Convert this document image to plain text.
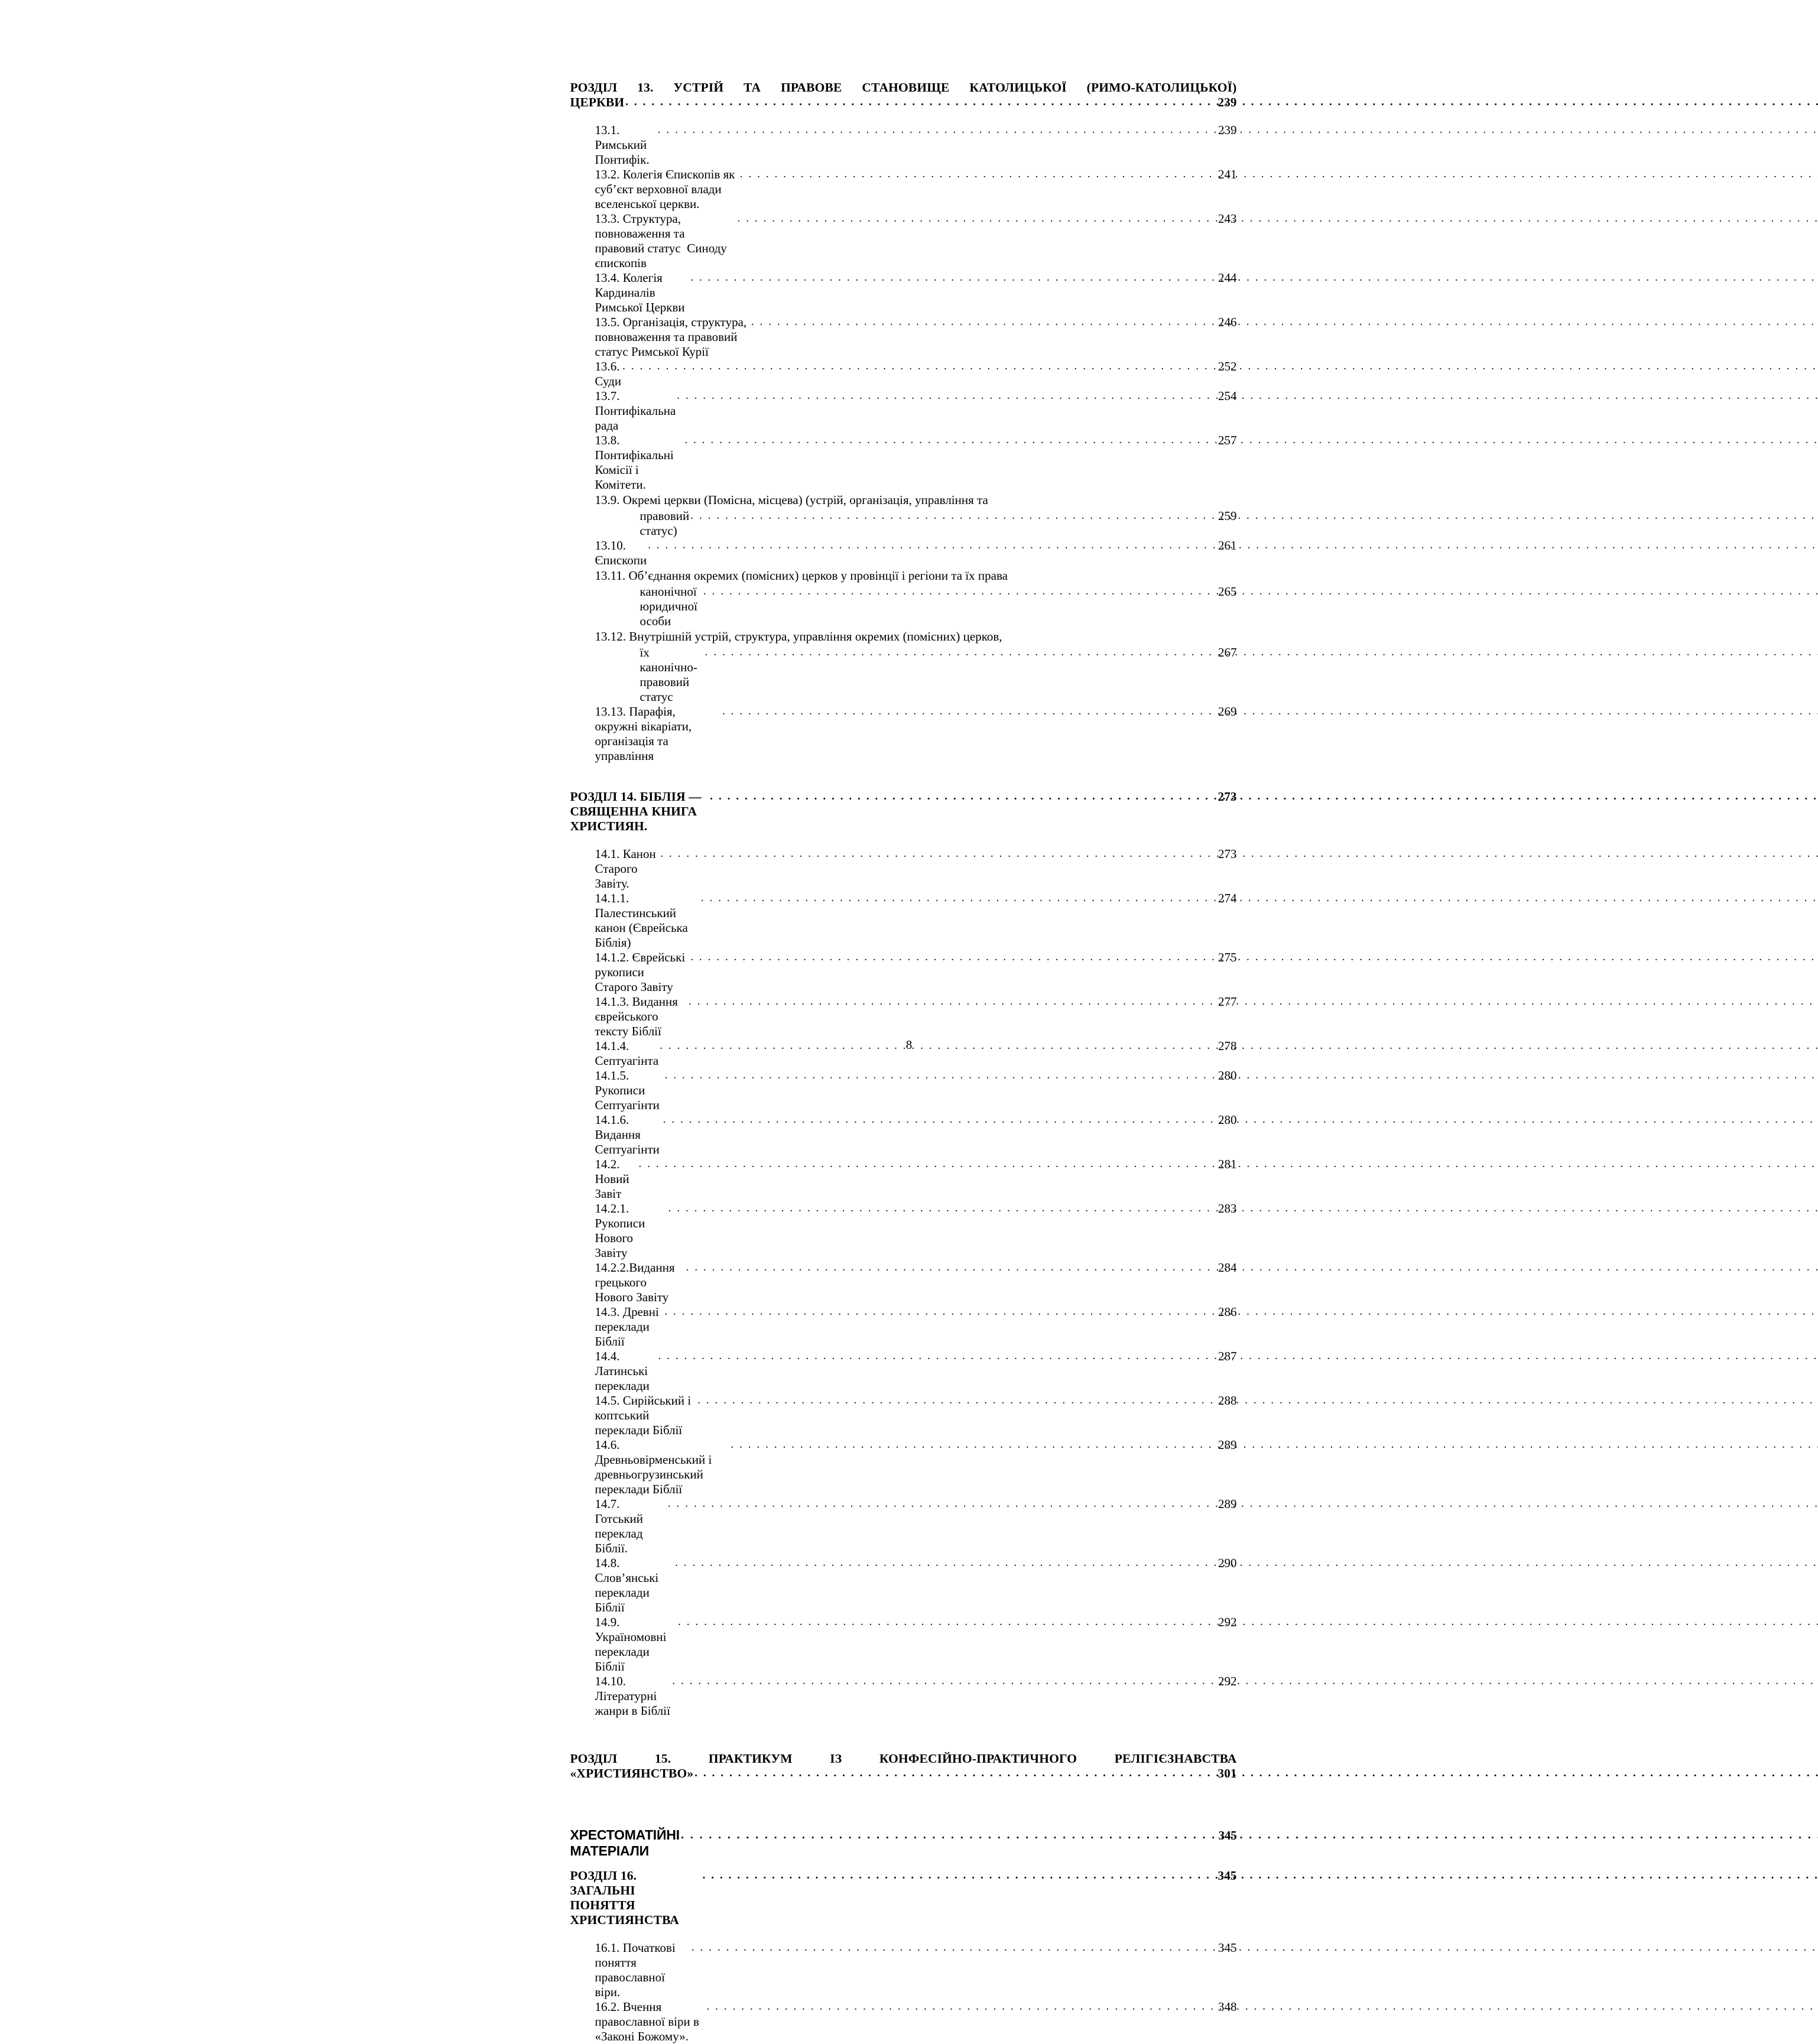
РОЗДІЛ 13. УСТРІЙ ТА ПРАВОВЕ СТАНОВИЩЕ КАТОЛИЦЬКОЇ (РИМО-КАТОЛИЦЬКОЇ)
ЦЕРКВИ . . .	239
13.1. Римський Понтифік.
. . .
239
13.2. Колегія Єпископів як суб’єкт верховної влади вселенської церкви.
. . .
241
13.3. Структура, повноваження та правовий статус  Синоду єпископів
. . .
243
13.4. Колегія Кардиналів Римської Церкви
. . .
244
13.5. Організація, структура, повноваження та правовий  статус Римської Курії
. . .
246
13.6. Суди
. . .
252
13.7. Понтифікальна рада
. . .
254
13.8. Понтифікальні Комісії і Комітети.
. . .
257
13.9. Окремі церкви (Помісна, місцева) (устрій, організація, управління та
правовий статус)
. . .
259
13.10. Єпископи
. . .
261
13.11. Об’єднання окремих (помісних) церков у провінції і регіони та їх права
канонічної юридичної особи
. . .
265
13.12. Внутрішній устрій, структура, управління окремих (помісних) церков,
їх канонічно-правовий статус
. . .
267
13.13. Парафія, окружні вікаріати, організація та управління
. . .
269
РОЗДІЛ 14. БІБЛІЯ — СВЯЩЕННА КНИГА ХРИСТИЯН.
. . .
273
14.1. Канон Старого Завіту.
. . .
273
14.1.1. Палестинський канон (Єврейська Біблія)
. . .
274
14.1.2. Єврейські рукописи Старого Завіту
. . .
275
14.1.3. Видання єврейського тексту Біблії
. . .
277
14.1.4. Септуагінта
. . .
278
14.1.5. Рукописи Септуагінти
. . .
280
14.1.6. Видання Септуагінти
. . .
280
14.2. Новий Завіт
. . .
281
14.2.1. Рукописи Нового Завіту
. . .
283
14.2.2.Видання грецького Нового Завіту
. . .
284
14.3. Древні переклади Біблії
. . .
286
14.4. Латинські переклади
. . .
287
14.5. Сирійський і коптський переклади Біблії
. . .
288
14.6. Древньовірменський і древньогрузинський переклади Біблії
. . .
289
14.7. Готський переклад Біблії.
. . .
289
14.8. Слов’янські переклади Біблії
. . .
290
14.9. Україномовні переклади Біблії
. . .
292
14.10. Літературні жанри в Біблії
. . .
292
РОЗДІЛ 15. ПРАКТИКУМ ІЗ КОНФЕСІЙНО-ПРАКТИЧНОГО РЕЛІГІЄЗНАВСТВА
«ХРИСТИЯНСТВО» . . .	301
ХРЕСТОМАТІЙНІ МАТЕРІАЛИ
. . .
345
РОЗДІЛ 16. ЗАГАЛЬНІ ПОНЯТТЯ  ХРИСТИЯНСТВА
. . .
345
16.1. Початкові поняття православної віри.
. . .
345
16.2. Вчення православної віри в «Законі Божому».
. . .
348
8
